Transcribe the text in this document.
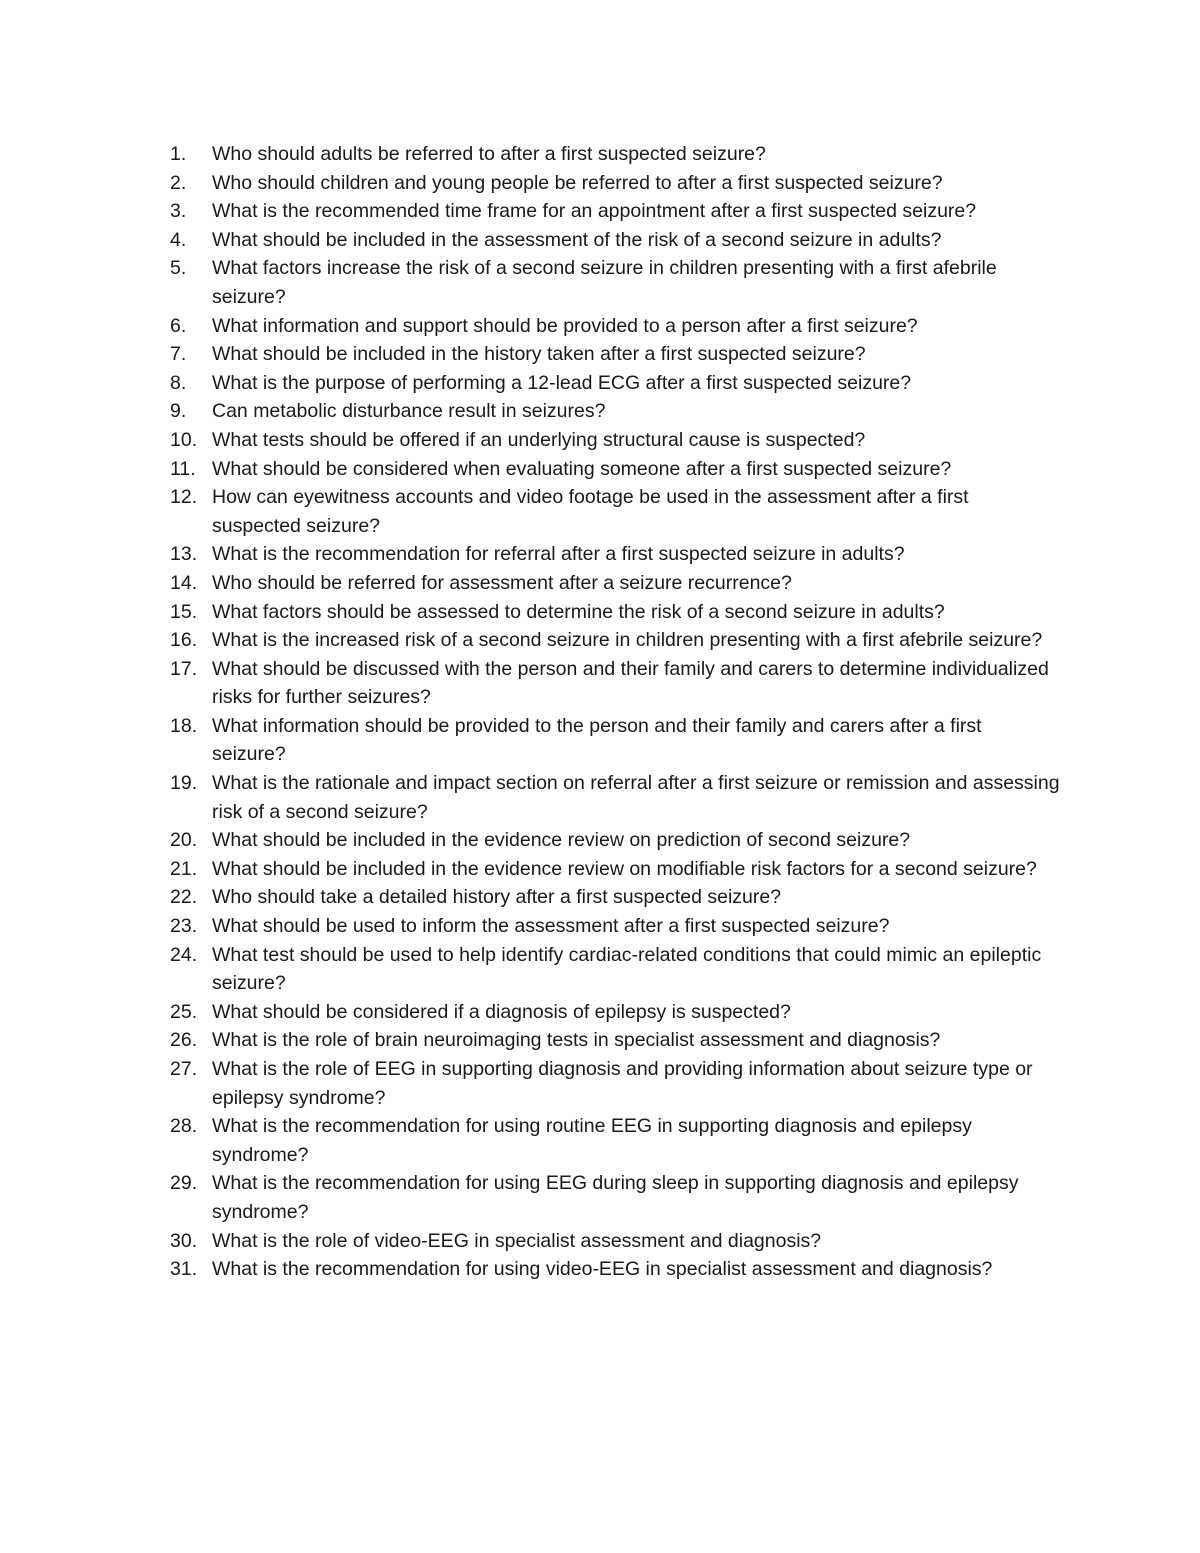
1.	Who should adults be referred to after a first suspected seizure?
2.	Who should children and young people be referred to after a first suspected seizure?
3.	What is the recommended time frame for an appointment after a first suspected seizure?
4.	What should be included in the assessment of the risk of a second seizure in adults?
5.	What factors increase the risk of a second seizure in children presenting with a first afebrile seizure?
6.	What information and support should be provided to a person after a first seizure?
7.	What should be included in the history taken after a first suspected seizure?
8.	What is the purpose of performing a 12-lead ECG after a first suspected seizure?
9.	Can metabolic disturbance result in seizures?
10. What tests should be offered if an underlying structural cause is suspected?
11. What should be considered when evaluating someone after a first suspected seizure?
12. How can eyewitness accounts and video footage be used in the assessment after a first suspected seizure?
13. What is the recommendation for referral after a first suspected seizure in adults?
14. Who should be referred for assessment after a seizure recurrence?
15. What factors should be assessed to determine the risk of a second seizure in adults?
16. What is the increased risk of a second seizure in children presenting with a first afebrile seizure?
17. What should be discussed with the person and their family and carers to determine individualized risks for further seizures?
18. What information should be provided to the person and their family and carers after a first seizure?
19. What is the rationale and impact section on referral after a first seizure or remission and assessing risk of a second seizure?
20. What should be included in the evidence review on prediction of second seizure?
21. What should be included in the evidence review on modifiable risk factors for a second seizure?
22. Who should take a detailed history after a first suspected seizure?
23. What should be used to inform the assessment after a first suspected seizure?
24. What test should be used to help identify cardiac-related conditions that could mimic an epileptic seizure?
25. What should be considered if a diagnosis of epilepsy is suspected?
26. What is the role of brain neuroimaging tests in specialist assessment and diagnosis?
27. What is the role of EEG in supporting diagnosis and providing information about seizure type or epilepsy syndrome?
28. What is the recommendation for using routine EEG in supporting diagnosis and epilepsy syndrome?
29. What is the recommendation for using EEG during sleep in supporting diagnosis and epilepsy syndrome?
30. What is the role of video-EEG in specialist assessment and diagnosis?
31. What is the recommendation for using video-EEG in specialist assessment and diagnosis?
